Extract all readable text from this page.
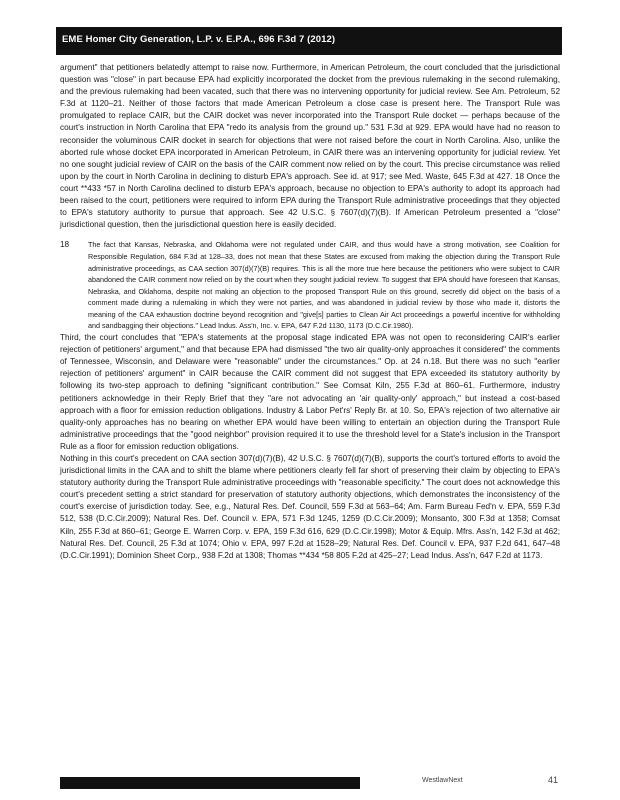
EME Homer City Generation, L.P. v. E.P.A., 696 F.3d 7 (2012)

argument" that petitioners belatedly attempt to raise now. Furthermore, in American Petroleum, the court concluded that the jurisdictional question was "close" in part because EPA had explicitly incorporated the docket from the previous rulemaking in the second rulemaking, and the previous rulemaking had been vacated, such that there was no intervening opportunity for judicial review. See Am. Petroleum, 52 F.3d at 1120–21. Neither of those factors that made American Petroleum a close case is present here. The Transport Rule was promulgated to replace CAIR, but the CAIR docket was never incorporated into the Transport Rule docket — perhaps because of the court's instruction in North Carolina that EPA "redo its analysis from the ground up." 531 F.3d at 929. EPA would have had no reason to reconsider the voluminous CAIR docket in search for objections that were not raised before the court in North Carolina. Also, unlike the aborted rule whose docket EPA incorporated in American Petroleum, in CAIR there was an intervening opportunity for judicial review. Yet no one sought judicial review of CAIR on the basis of the CAIR comment now relied on by the court. This precise circumstance was relied upon by the court in North Carolina in declining to disturb EPA's approach. See id. at 917; see Med. Waste, 645 F.3d at 427. 18 Once the court **433 *57 in North Carolina declined to disturb EPA's approach, because no objection to EPA's authority to adopt its approach had been raised to the court, petitioners were required to inform EPA during the Transport Rule administrative proceedings that they objected to EPA's statutory authority to pursue that approach. See 42 U.S.C. § 7607(d)(7)(B). If American Petroleum presented a "close" jurisdictional question, then the jurisdictional question here is easily decided.

18	The fact that Kansas, Nebraska, and Oklahoma were not regulated under CAIR, and thus would have a strong motivation, see Coalition for Responsible Regulation, 684 F.3d at 128–33, does not mean that these States are excused from making the objection during the Transport Rule administrative proceedings, as CAA section 307(d)(7)(B) requires. This is all the more true here because the petitioners who were subject to CAIR abandoned the CAIR comment now relied on by the court when they sought judicial review. To suggest that EPA should have foreseen that Kansas, Nebraska, and Oklahoma, despite not making an objection to the proposed Transport Rule on this ground, secretly did object on the basis of a comment made during a rulemaking in which they were not parties, and was abandoned in judicial review by those who made it, distorts the meaning of the CAA exhaustion doctrine beyond recognition and "give[s] parties to Clean Air Act proceedings a powerful incentive for withholding and sandbagging their objections." Lead Indus. Ass'n, Inc. v. EPA, 647 F.2d 1130, 1173 (D.C.Cir.1980).

Third, the court concludes that "EPA's statements at the proposal stage indicated EPA was not open to reconsidering CAIR's earlier rejection of petitioners' argument," and that because EPA had dismissed "the two air quality-only approaches it considered" the comments of Tennessee, Wisconsin, and Delaware were "reasonable" under the circumstances." Op. at 24 n.18. But there was no such "earlier rejection of petitioners' argument" in CAIR because the CAIR comment did not suggest that EPA exceeded its statutory authority by following its two-step approach to defining "significant contribution." See Comsat Kiln, 255 F.3d at 860–61. Furthermore, industry petitioners acknowledge in their Reply Brief that they "are not advocating an 'air quality-only' approach," but instead a cost-based approach with a floor for emission reduction obligations. Industry & Labor Pet'rs' Reply Br. at 10. So, EPA's rejection of two alternative air quality-only approaches has no bearing on whether EPA would have been willing to entertain an objection during the Transport Rule administrative proceedings that the "good neighbor" provision required it to use the threshold level for a State's inclusion in the Transport Rule as a floor for emission reduction obligations.

Nothing in this court's precedent on CAA section 307(d)(7)(B), 42 U.S.C. § 7607(d)(7)(B), supports the court's tortured efforts to avoid the jurisdictional limits in the CAA and to shift the blame where petitioners clearly fell far short of preserving their claim by objecting to EPA's statutory authority during the Transport Rule administrative proceedings with "reasonable specificity." The court does not acknowledge this court's precedent setting a strict standard for preservation of statutory authority objections, which demonstrates the inconsistency of the court's exercise of jurisdiction today. See, e.g., Natural Res. Def. Council, 559 F.3d at 563–64; Am. Farm Bureau Fed'n v. EPA, 559 F.3d 512, 538 (D.C.Cir.2009); Natural Res. Def. Council v. EPA, 571 F.3d 1245, 1259 (D.C.Cir.2009); Monsanto, 300 F.3d at 1358; Comsat Kiln, 255 F.3d at 860–61; George E. Warren Corp. v. EPA, 159 F.3d 616, 629 (D.C.Cir.1998); Motor & Equip. Mfrs. Ass'n, 142 F.3d at 462; Natural Res. Def. Council, 25 F.3d at 1074; Ohio v. EPA, 997 F.2d at 1528–29; Natural Res. Def. Council v. EPA, 937 F.2d 641, 647–48 (D.C.Cir.1991); Dominion Sheet Corp., 938 F.2d at 1308; Thomas **434 *58 805 F.2d at 425–27; Lead Indus. Ass'n, 647 F.2d at 1173.

WestlawNext	41
